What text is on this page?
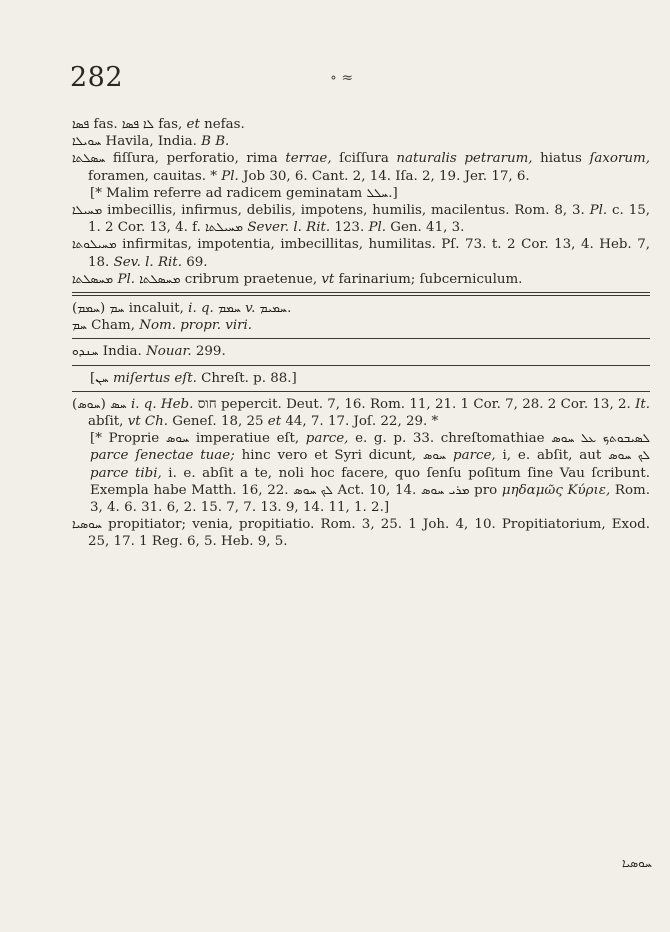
282	∘ ≈

ܦܣܐ fas. ܠܐ ܦܣܐ fas, et nefas.

ܚܘܝܠܐ Havila, India. B B.

ܚܣܠܬܐ fiſſura, perforatio, rima terrae, ſciſſura naturalis petrarum, hiatus ſaxorum, foramen, cauitas. * Pl. Job 30, 6. Cant. 2, 14. Iſa. 2, 19. Jer. 17, 6.

[* Malim referre ad radicem geminatam ܚܠܠ.]

ܡܚܝܠܐ imbecillis, infirmus, debilis, impotens, humilis, macilentus. Rom. 8, 3. Pl. c. 15, 1. 2 Cor. 13, 4. f. ܡܚܝܠܬܐ Sever. l. Rit. 123. Pl. Gen. 41, 3.

ܡܚܝܠܘܬܐ infirmitas, impotentia, imbecillitas, humilitas. Pſ. 73. t. 2 Cor. 13, 4. Heb. 7, 18. Sev. l. Rit. 69.

ܡܚܣܠܬܐ Pl. ܡܚܣܠܬܐ cribrum praetenue, vt farinarium; ſubcerniculum.

(ܚܡܡ) ܚܡ incaluit, i. q. ܚܡܡ v. ܚܡܝܡ.

ܚܡ Cham, Nom. propr. viri.

ܚܢܕܘ India. Nouar. 299.

[ܚܢ miſertus eſt. Chreſt. p. 88.]

(ܚܘܣ) ܚܣ i. q. Heb. חוס pepercit. Deut. 7, 16. Rom. 11, 21. 1 Cor. 7, 28. 2 Cor. 13, 2. It. abſit, vt Ch. Geneſ. 18, 25 et 44, 7. 17. Joſ. 22, 29. *

[* Proprie ܚܘܣ imperatiue eſt, parce, e. g. p. 33. chreſtomathiae	ܠܣܝܒܘܬܟ ܥܠ ܚܘܣ parce ſenectae tuae; hinc vero et Syri dicunt, ܚܘܣ parce, i, e. abſit, aut ܠܟ ܚܘܣ parce tibi, i. e. abſit a te, noli hoc facere, quo ſenſu poſitum ſine Vau ſcribunt. Exempla habe Matth. 16, 22. ܠܟ ܚܘܣ Act. 10, 14. ܡܪܝ ܚܘܣ pro μηδαμῶς Κύριε, Rom. 3, 4. 6. 31. 6, 2. 15. 7, 7. 13. 9, 14. 11, 1. 2.]

ܚܘܣܝܐ propitiator; venia, propitiatio. Rom. 3, 25. 1 Joh. 4, 10. Propitiatorium, Exod. 25, 17. 1 Reg. 6, 5. Heb. 9, 5.

ܚܘܣܝܐ
